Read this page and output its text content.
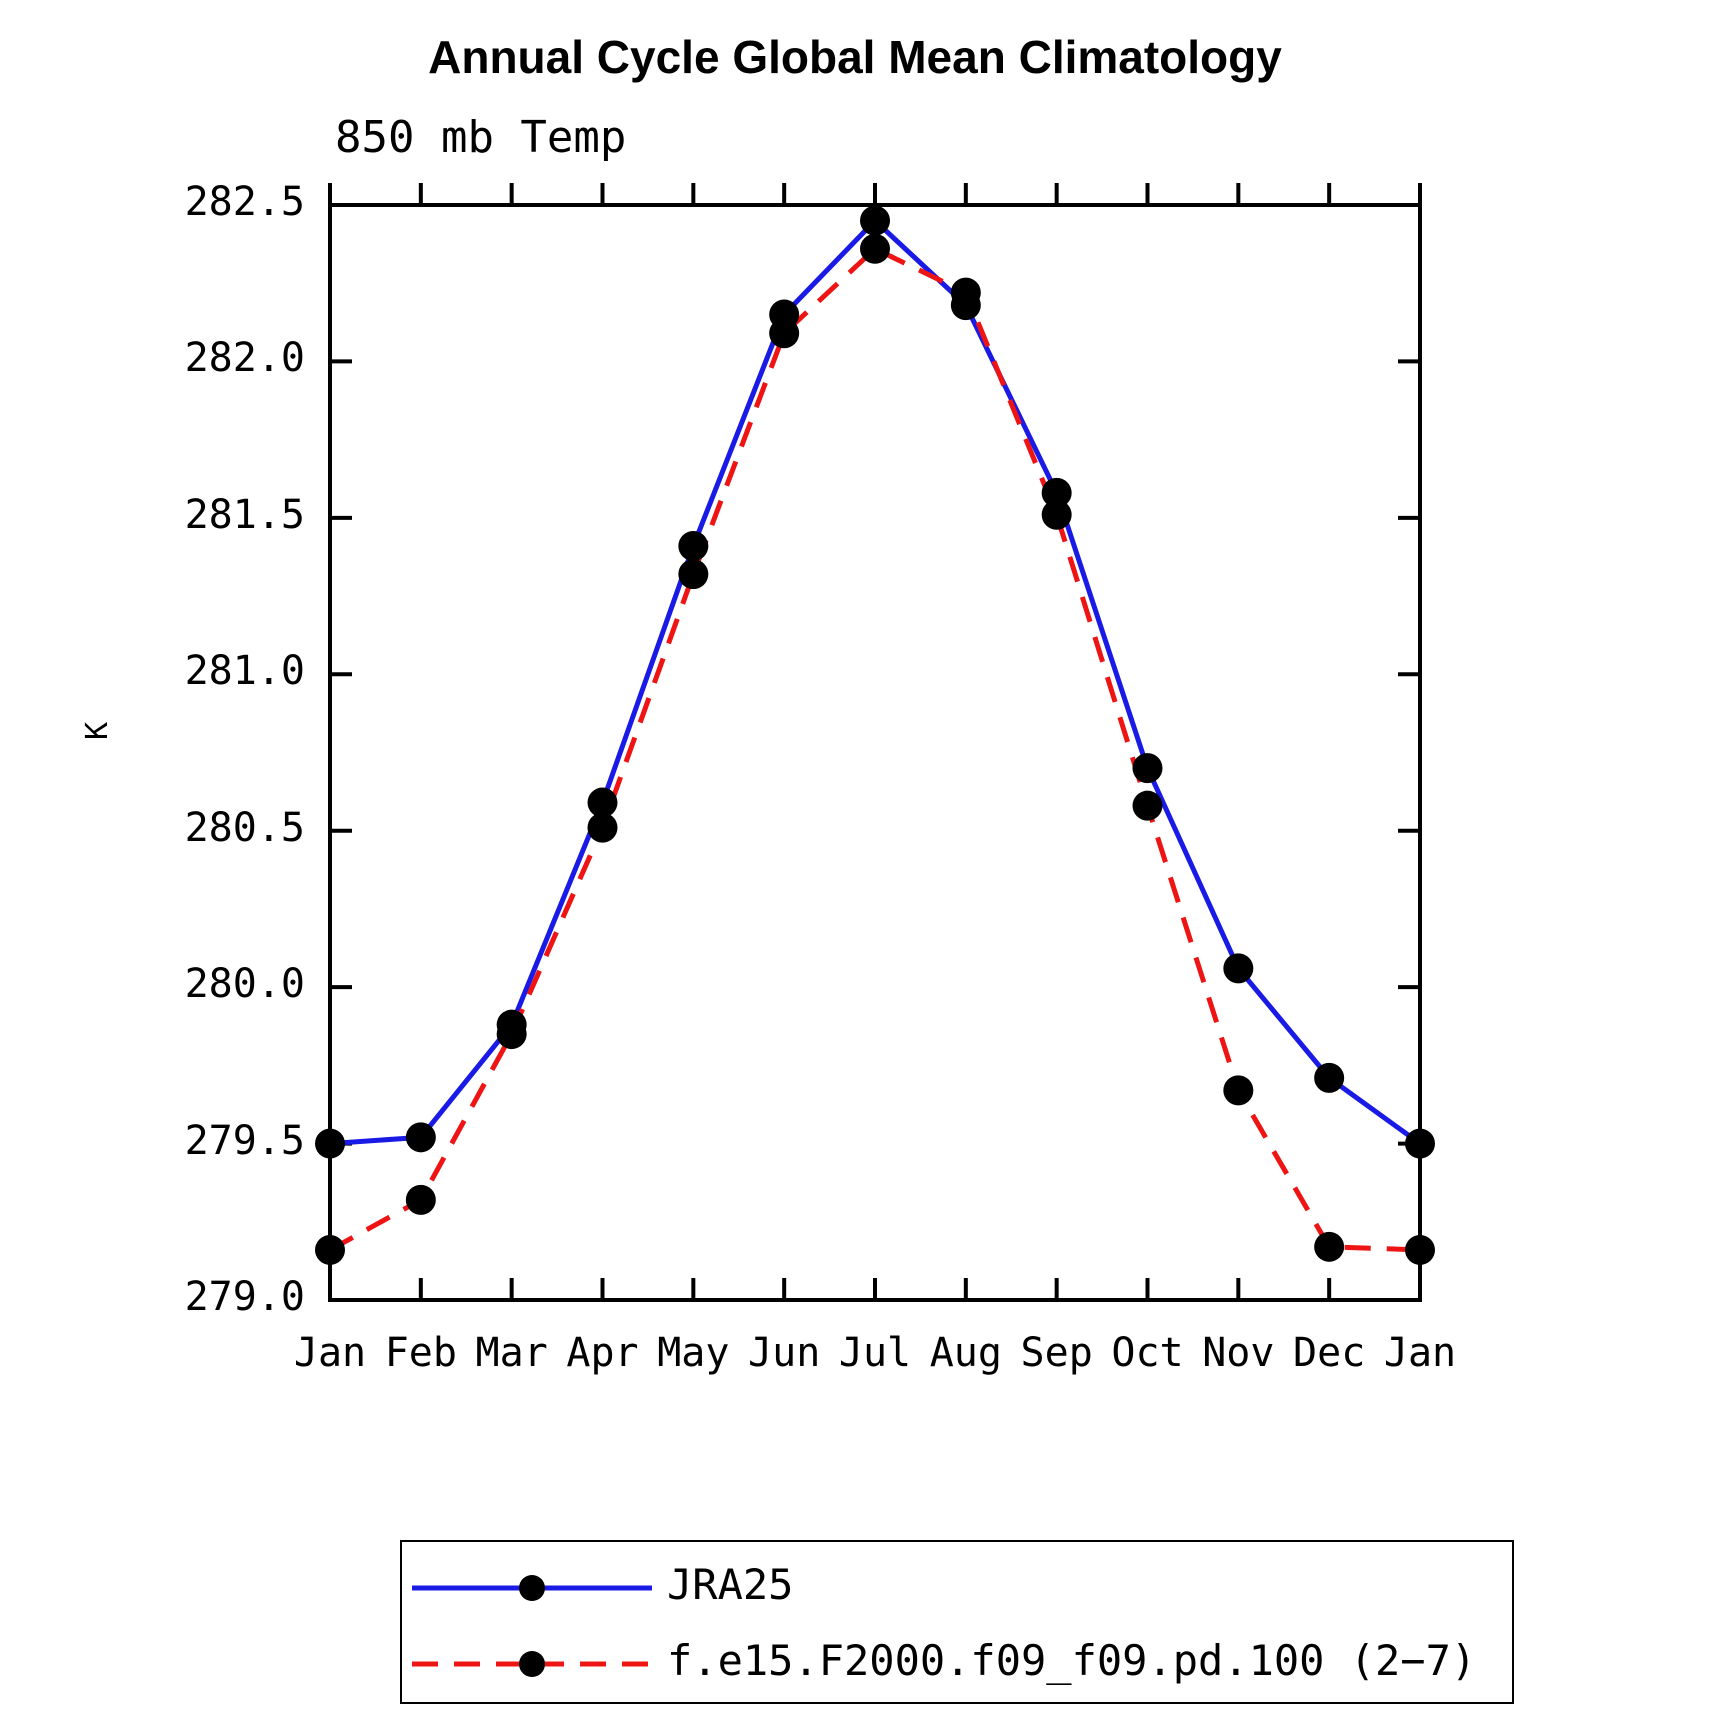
Annual Cycle Global Mean Climatology
850 mb Temp
K
279.0
279.5
280.0
280.5
281.0
281.5
282.0
282.5
Jan Feb Mar Apr May Jun Jul Aug Sep Oct Nov Dec Jan
JRA25
f.e15.F2000.f09_f09.pd.100 (2−7)
